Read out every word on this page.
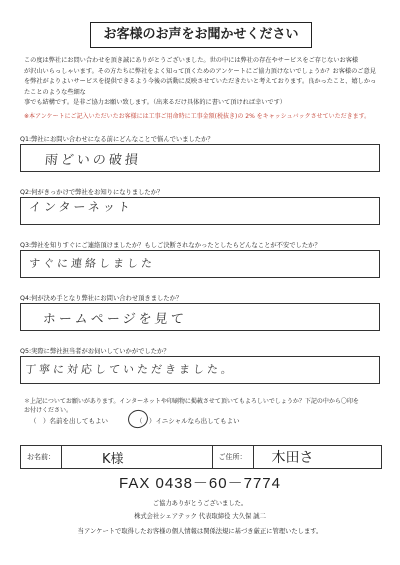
お客様のお声をお聞かせください

この度は弊社にお問い合わせを頂き誠にありがとうございました。世の中には弊社の存在やサービスをご存じないお客様

が沢山いらっしゃいます。その方たちに弊社をよく知って頂くためのアンケートにご協力頂けないでしょうか？お客様のご意見

を弊社がよりよいサービスを提供できるよう今後の活動に反映させていただきたいと考えております。良かったこと、嬉しかったことのような些細な

事でも結構です。是非ご協力お願い致します。（出来るだけ具体的に書いて頂ければ幸いです）

※本アンケートにご記入いただいたお客様には工事ご用命時に工事金額(税抜き)の 2% をキャッシュバックさせていただきます。
Q1:弊社にお問い合わせになる前にどんなことで悩んでいましたか？
雨どいの破損
Q2:何がきっかけで弊社をお知りになりましたか？
インターネット
Q3:弊社を知りすぐにご連絡頂けましたか？もしご決断されなかったとしたらどんなことが不安でしたか？
すぐに連絡しました
Q4:何が決め手となり弊社にお問い合わせ頂きましたか？
ホームページを見て
Q5:実際に弊社担当者がお伺いしていかがでしたか？
丁寧に対応していただきました。
＊上記についてお願いがあります。インターネットや印刷物に掲載させて頂いてもよろしいでしょうか？下記の中から〇印を
お付けください。
（　）名前を出してもよい	（　）イニシャルなら出してもよい
お名前：	K様	ご住所：	木田さ
FAX 0438－60－7774
ご協力ありがとうございました。
株式会社シェアテック 代表取締役 大久保 誠二
当アンケートで取得したお客様の個人情報は関係法規に基づき厳正に管理いたします。
